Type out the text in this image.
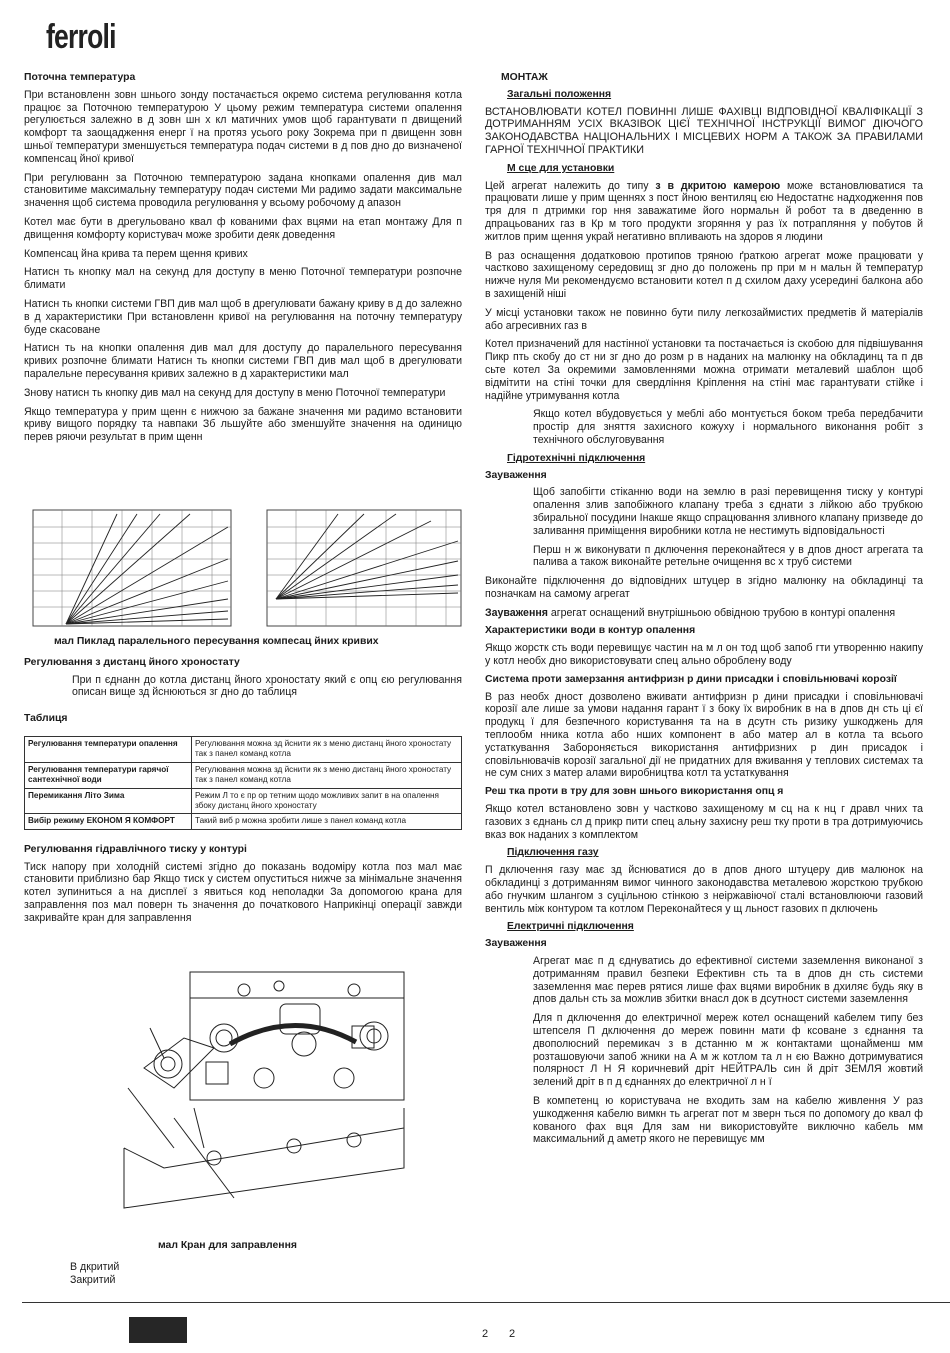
ferroli
Поточна температура

При встановленн зовн шнього зонду постачається окремо система регулювання котла працює за Поточною температурою У цьому режим температура системи опалення регулюється залежно в д зовн шн х кл матичних умов щоб гарантувати п двищений комфорт та заощадження енерг ї на протяз усього року Зокрема при п двищенн зовн шньої температури зменшується температура подач системи в д пов дно до визначеної компенсац йної кривої

При регулюванн за Поточною температурою задана кнопками опалення див мал становитиме максимальну температуру подач системи Ми радимо задати максимальне значення щоб система проводила регулювання у всьому робочому д апазон

Котел має бути в дрегульовано квал ф кованими фах вцями на етап монтажу Для п двищення комфорту користувач може зробити деяк доведення

Компенсац йна крива та перем щення кривих

Натисн ть кнопку мал на секунд для доступу в меню Поточної температури розпочне блимати

Натисн ть кнопки системи ГВП див мал щоб в дрегулювати бажану криву в д до залежно в д характеристики При встановленн кривої на регулювання на поточну температуру буде скасоване

Натисн ть на кнопки опалення див мал для доступу до паралельного пересування кривих розпочне блимати Натисн ть кнопки системи ГВП див мал щоб в дрегулювати паралельне пересування кривих залежно в д характеристики мал

Знову натисн ть кнопку див мал на секунд для доступу в меню Поточної температури

Якщо температура у прим щенн є нижчою за бажане значення ми радимо встановити криву вищого порядку та навпаки Зб льшуйте або зменшуйте значення на одиницю перев ряючи результат в прим щенн

мал Пиклад паралельного пересування компесац йних кривих
Регулювання з дистанц йного хроностату

При п єднанн до котла дистанц йного хроностату який є опц єю регулювання описан вище зд йснюються зг дно до таблиця

Таблиця
Регулювання температури опалення	Регулювання можна зд йснити як з меню дистанц йного хроностату так з панел команд котла
Регулювання температури гарячої сантехнічної води	Регулювання можна зд йснити як з меню дистанц йного хроностату так з панел команд котла
Перемикання Літо Зима	Режим Л то є пр ор тетним щодо можливих запит в на опалення збоку дистанц йного хроностату
Вибір режиму ЕКОНОМ Я КОМФОРТ	Такий виб р можна зробити лише з панел команд котла
Регулювання гідравлічного тиску у контурі

Тиск напору при холодній системі згідно до показань водоміру котла поз мал має становити приблизно бар Якщо тиск у систем опуститься нижче за мінімальне значення котел зупиниться а на дисплеї з явиться код неполадки За допомогою крана для заправлення поз мал поверн ть значення до початкового Наприкінці операції завжди закривайте кран для заправлення

мал Кран для заправлення
В дкритий
Закритий
МОНТАЖ
Загальні положення

ВСТАНОВЛЮВАТИ КОТЕЛ ПОВИННІ ЛИШЕ ФАХІВЦІ ВІДПОВІДНОЇ КВАЛІФІКАЦІЇ З ДОТРИМАННЯМ УСІХ ВКАЗІВОК ЦІЄЇ ТЕХНІЧНОЇ ІНСТРУКЦІЇ ВИМОГ ДІЮЧОГО ЗАКОНОДАВСТВА НАЦІОНАЛЬНИХ І МІСЦЕВИХ НОРМ А ТАКОЖ ЗА ПРАВИЛАМИ ГАРНОЇ ТЕХНІЧНОЇ ПРАКТИКИ

М сце для установки

Цей агрегат належить до типу з в дкритою камерою може встановлюватися та працювати лише у прим щеннях з пост йною вентиляц єю Недостатнє надходження пов тря для п дтримки гор ння заважатиме його нормальн й робот та в дведенню в дпрацьованих газ в Кр м того продукти згоряння у раз їх потрапляння у побутов й житлов прим щення украй негативно впливають на здоров я людини

В раз оснащення додатковою протипов тряною ґраткою агрегат може працювати у частково захищеному середовищ зг дно до положень пр при м н мальн й температур нижче нуля Ми рекомендуємо встановити котел п д схилом даху усередині балкона або в захищеній ніші

У місці установки також не повинно бути пилу легкозаймистих предметів й матеріалів або агресивних газ в

Котел призначений для настінної установки та постачається із скобою для підвішування Пикр пть скобу до ст ни зг дно до розм р в наданих на малюнку на обкладинц та п дв сьте котел За окремими замовленнями можна отримати металевий шаблон щоб відмітити на стіні точки для свердління Кріплення на стіні має гарантувати стійке і надійне утримування котла

Якщо котел вбудовується у меблі або монтується боком треба передбачити простір для зняття захисного кожуху і нормального виконання робіт з технічного обслуговування

Гідротехнічні підключення
Зауваження

Щоб запобігти стіканню води на землю в разі перевищення тиску у контурі опалення злив запобіжного клапану треба з єднати з лійкою або трубкою збиральної посудини Інакше якщо спрацювання зливного клапану призведе до заливання приміщення виробники котла не нестимуть відповідальності

Перш н ж виконувати п дключення переконайтеся у в дпов дност агрегата та палива а також виконайте ретельне очищення вс х труб системи

Виконайте підключення до відповідних штуцер в згідно малюнку на обкладинці та позначкам на самому агрегат

Зауваження агрегат оснащений внутрішньою обвідною трубою в контурі опалення

Характеристики води в контур опалення

Якщо жорстк сть води перевищує частин на м л он тод щоб запоб гти утворенню накипу у котл необх дно використовувати спец ально оброблену воду

Система проти замерзання антифризн р дини присадки і сповільнювачі корозії

В раз необх дност дозволено вживати антифризн р дини присадки і сповільнювачі корозії але лише за умови надання гарант ї з боку їх виробник в на в дпов дн сть ці єї продукц ї для безпечного користування та на в дсутн сть ризику ушкоджень для теплообм нника котла або нших компонент в або матер ал в котла та всього устаткування Забороняється використання антифризних р дин присадок і сповільнювачів корозії загальної дії не придатних для вживання у теплових системах та не сум сних з матер алами виробництва котл та устаткування

Реш тка проти в тру для зовн шнього використання опц я

Якщо котел встановлено зовн у частково захищеному м сц на к нц г дравл чних та газових з єднань сл д прикр пити спец альну захисну реш тку проти в тра дотримуючись вказ вок наданих з комплектом

Підключення газу

П дключення газу має зд йснюватися до в дпов дного штуцеру див малюнок на обкладинці з дотриманням вимог чинного законодавства металевою жорсткою трубкою або гнучким шлангом з суцільною стінкою з неіржавіючої сталі встановлюючи газовий вентиль між контуром та котлом Переконайтеся у щ льност газових п дключень

Електричні підключення
Зауваження

Агрегат має п д єднуватись до ефективної системи заземлення виконаної з дотриманням правил безпеки Ефективн сть та в дпов дн сть системи заземлення має перев рятися лише фах вцями виробник в дхиляє будь яку в дпов дальн сть за можлив збитки внасл док в дсутност системи заземлення

Для п дключення до електричної мереж котел оснащений кабелем типу без штепселя П дключення до мереж повинн мати ф ксоване з єднання та двополюсний перемикач з в дстанню м ж контактами щонайменш мм розташовуючи запоб жники на А м ж котлом та л н єю Важно дотримуватися полярност Л Н Я коричневий дріт НЕЙТРАЛЬ син й дріт ЗЕМЛЯ жовтий зелений дріт в п д єднаннях до електричної л н ї

В компетенц ю користувача не входить зам на кабелю живлення У раз ушкодження кабелю вимкн ть агрегат пот м зверн ться по допомогу до квал ф кованого фах вця Для зам ни використовуйте виключно кабель мм максимальний д аметр якого не перевищує мм

2 2
